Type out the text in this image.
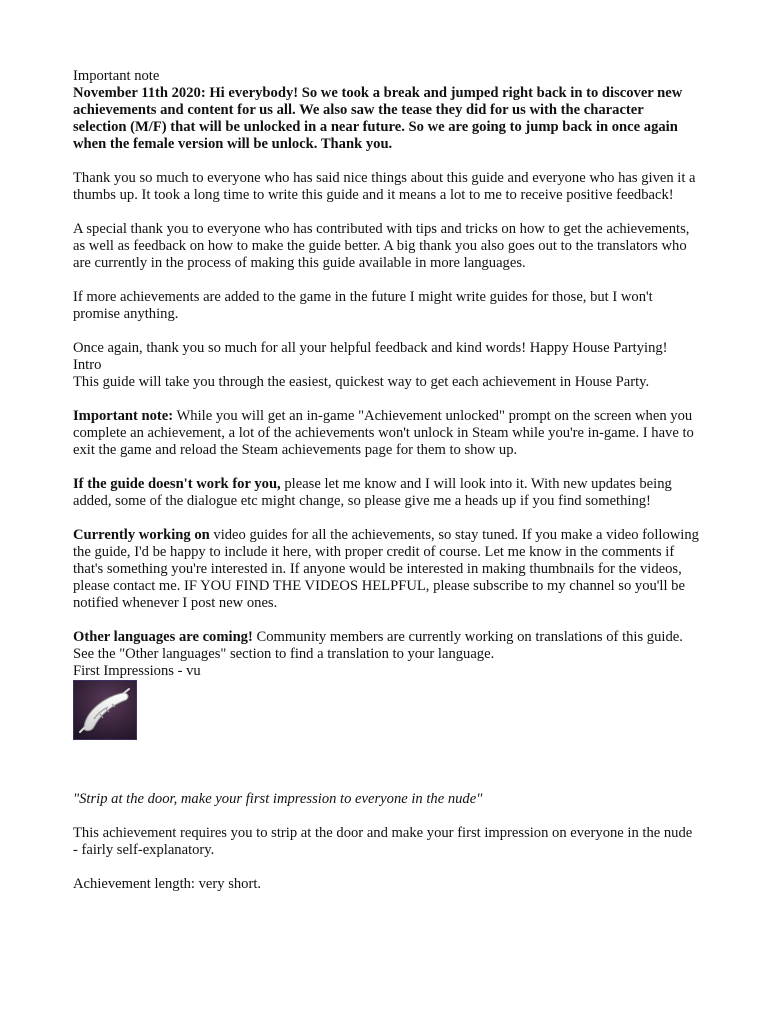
Important note

November 11th 2020: Hi everybody! So we took a break and jumped right back in to discover new achievements and content for us all. We also saw the tease they did for us with the character selection (M/F) that will be unlocked in a near future. So we are going to jump back in once again when the female version will be unlock. Thank you.

Thank you so much to everyone who has said nice things about this guide and everyone who has given it a thumbs up. It took a long time to write this guide and it means a lot to me to receive positive feedback!

A special thank you to everyone who has contributed with tips and tricks on how to get the achievements, as well as feedback on how to make the guide better. A big thank you also goes out to the translators who are currently in the process of making this guide available in more languages.

If more achievements are added to the game in the future I might write guides for those, but I won't promise anything.

Once again, thank you so much for all your helpful feedback and kind words! Happy House Partying!

Intro

This guide will take you through the easiest, quickest way to get each achievement in House Party.

Important note: While you will get an in-game "Achievement unlocked" prompt on the screen when you complete an achievement, a lot of the achievements won't unlock in Steam while you're in-game. I have to exit the game and reload the Steam achievements page for them to show up.

If the guide doesn't work for you, please let me know and I will look into it. With new updates being added, some of the dialogue etc might change, so please give me a heads up if you find something!

Currently working on video guides for all the achievements, so stay tuned. If you make a video following the guide, I'd be happy to include it here, with proper credit of course. Let me know in the comments if that's something you're interested in. If anyone would be interested in making thumbnails for the videos, please contact me. IF YOU FIND THE VIDEOS HELPFUL, please subscribe to my channel so you'll be notified whenever I post new ones.

Other languages are coming! Community members are currently working on translations of this guide. See the "Other languages" section to find a translation to your language.

First Impressions - vu

"Strip at the door, make your first impression to everyone in the nude"

This achievement requires you to strip at the door and make your first impression on everyone in the nude - fairly self-explanatory.

Achievement length: very short.
